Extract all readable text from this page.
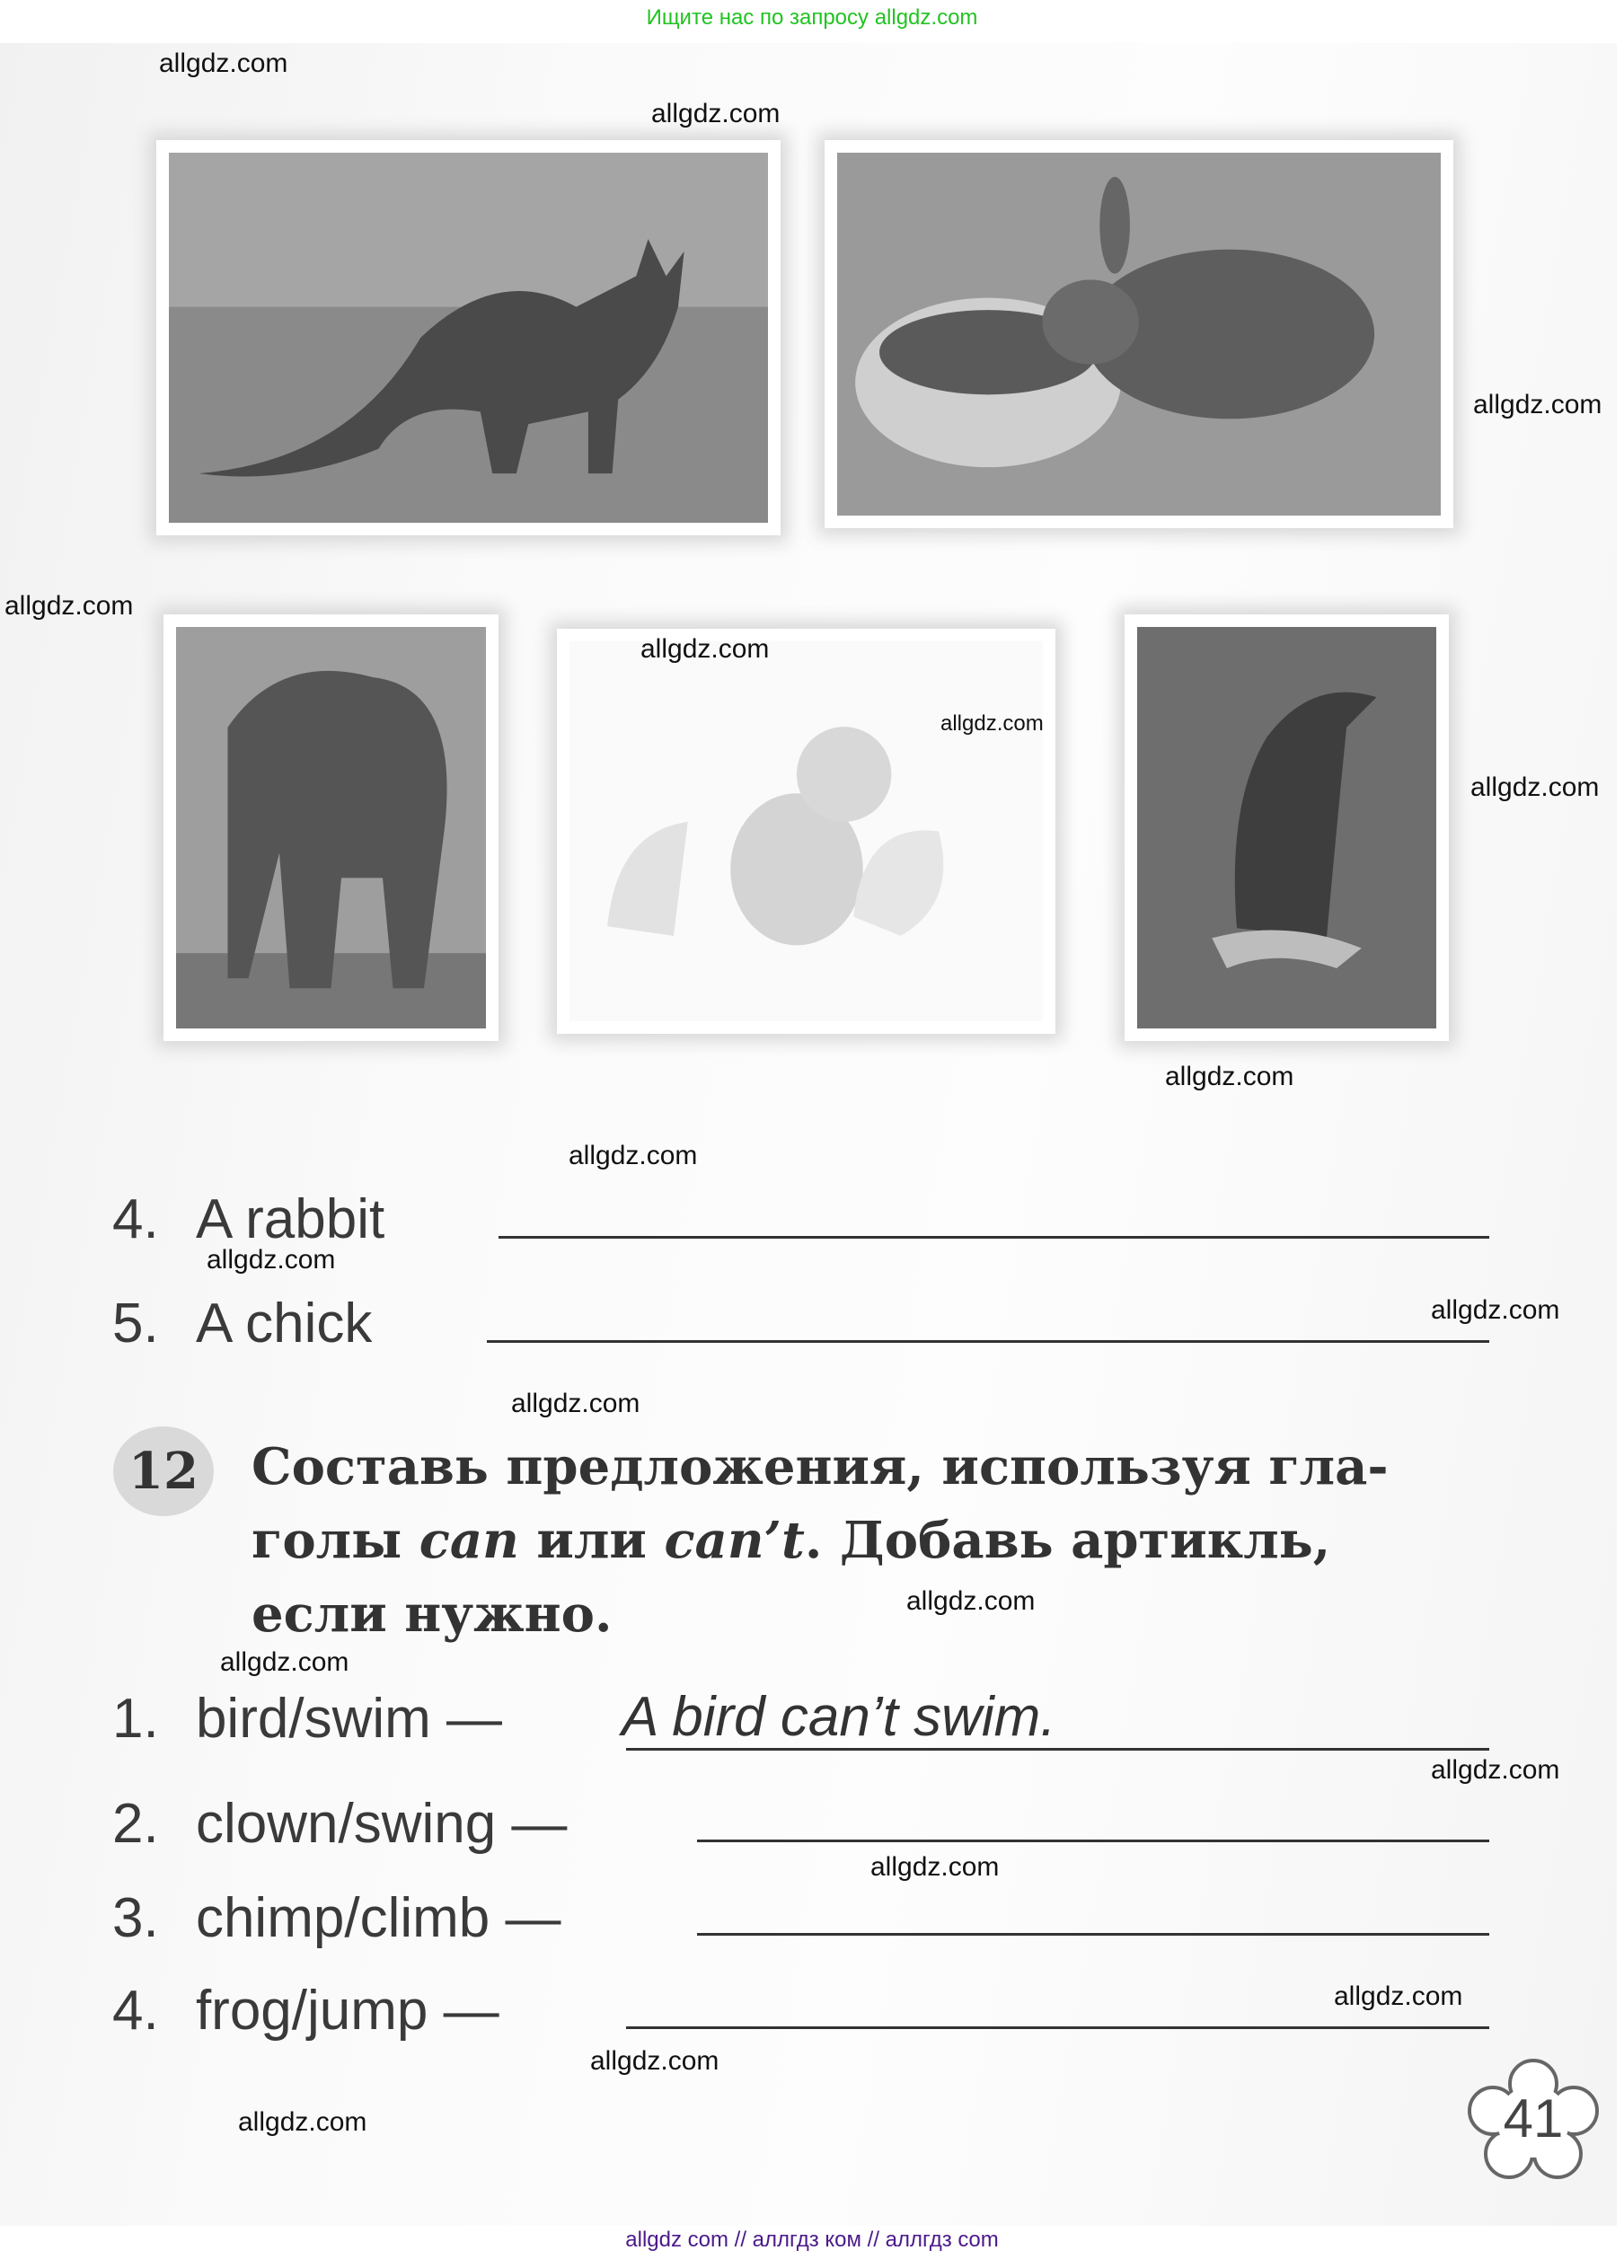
Ищите нас по запросу allgdz.com
4. A rabbit
5. A chick
12	Составь предложения, используя гла-
голы can или can’t. Добавь артикль,
если нужно.
1. bird/swim — A bird can’t swim.
2. clown/swing —
3. chimp/climb —
4. frog/jump —
41
allgdz.com
allgdz.com
allgdz.com
allgdz.com
allgdz.com
allgdz.com
allgdz.com
allgdz.com
allgdz.com
allgdz.com
allgdz.com
allgdz.com
allgdz.com
allgdz.com
allgdz.com
allgdz.com
allgdz.com
allgdz.com
allgdz.com
allgdz com // аллгдз ком // аллгдз com
